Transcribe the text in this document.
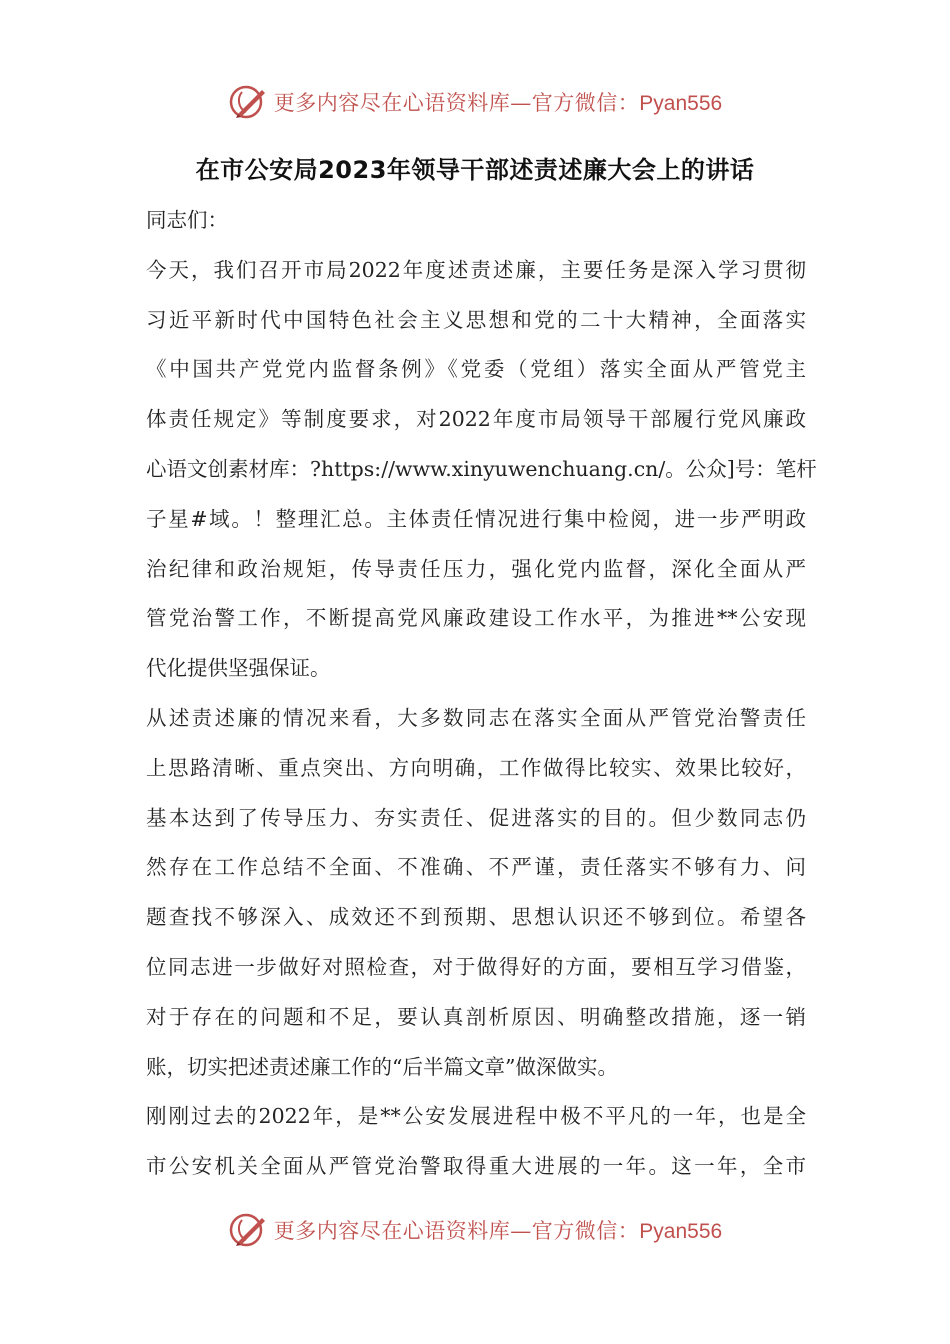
更多内容尽在心语资料库—官方微信：Pyan556
在市公安局2023年领导干部述责述廉大会上的讲话
同志们：
今天，我们召开市局2022年度述责述廉，主要任务是深入学习贯彻
习近平新时代中国特色社会主义思想和党的二十大精神，全面落实
《中国共产党党内监督条例》《党委（党组）落实全面从严管党主
体责任规定》等制度要求，对2022年度市局领导干部履行党风廉政
心语文创素材库：?https://www.xinyuwenchuang.cn/。公众]号：笔杆
子星#域。！整理汇总。主体责任情况进行集中检阅，进一步严明政
治纪律和政治规矩，传导责任压力，强化党内监督，深化全面从严
管党治警工作，不断提高党风廉政建设工作水平，为推进**公安现
代化提供坚强保证。
从述责述廉的情况来看，大多数同志在落实全面从严管党治警责任
上思路清晰、重点突出、方向明确，工作做得比较实、效果比较好，
基本达到了传导压力、夯实责任、促进落实的目的。但少数同志仍
然存在工作总结不全面、不准确、不严谨，责任落实不够有力、问
题查找不够深入、成效还不到预期、思想认识还不够到位。希望各
位同志进一步做好对照检查，对于做得好的方面，要相互学习借鉴，
对于存在的问题和不足，要认真剖析原因、明确整改措施，逐一销
账，切实把述责述廉工作的“后半篇文章”做深做实。
刚刚过去的2022年，是**公安发展进程中极不平凡的一年，也是全
市公安机关全面从严管党治警取得重大进展的一年。这一年，全市
更多内容尽在心语资料库—官方微信：Pyan556
